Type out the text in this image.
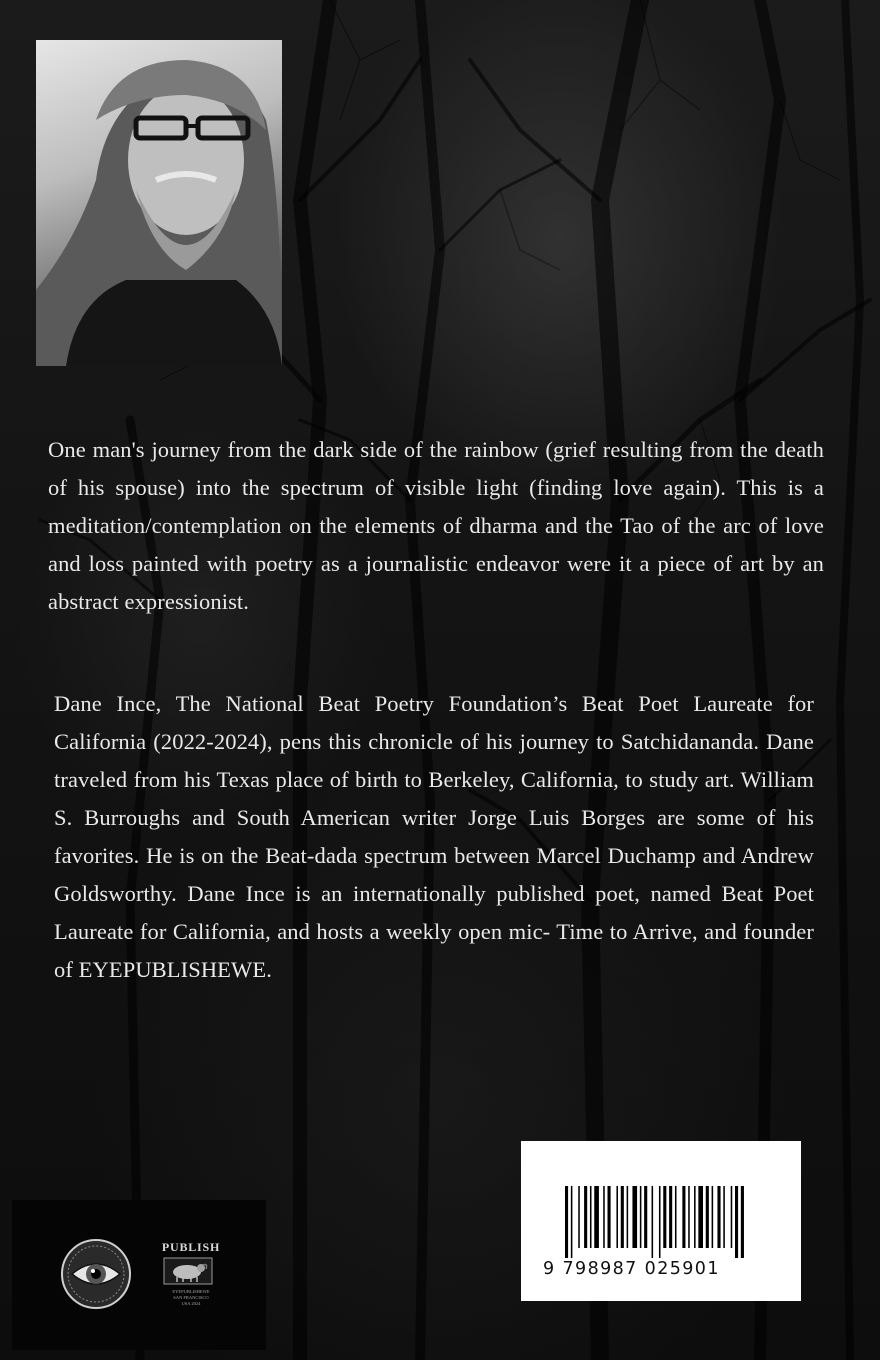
One man's journey from the dark side of the rainbow (grief resulting from the death of his spouse) into the spectrum of visible light (finding love again). This is a meditation/contemplation on the elements of dharma and the Tao of the arc of love and loss painted with poetry as a journalistic endeavor were it a piece of art by an abstract expressionist.

Dane Ince, The National Beat Poetry Foundation’s Beat Poet Laureate for California (2022-2024), pens this chronicle of his journey to Satchidananda. Dane traveled from his Texas place of birth to Berkeley, California, to study art. William S. Burroughs and South American writer Jorge Luis Borges are some of his favorites. He is on the Beat-dada spectrum between Marcel Duchamp and Andrew Goldsworthy. Dane Ince is an internationally published poet, named Beat Poet Laureate for California, and hosts a weekly open mic- Time to Arrive, and founder of EYEPUBLISHEWE.

9 798987 025901
PUBLISH
EYEPUBLISHEWE
SAN FRANCISCO
USA 2024
